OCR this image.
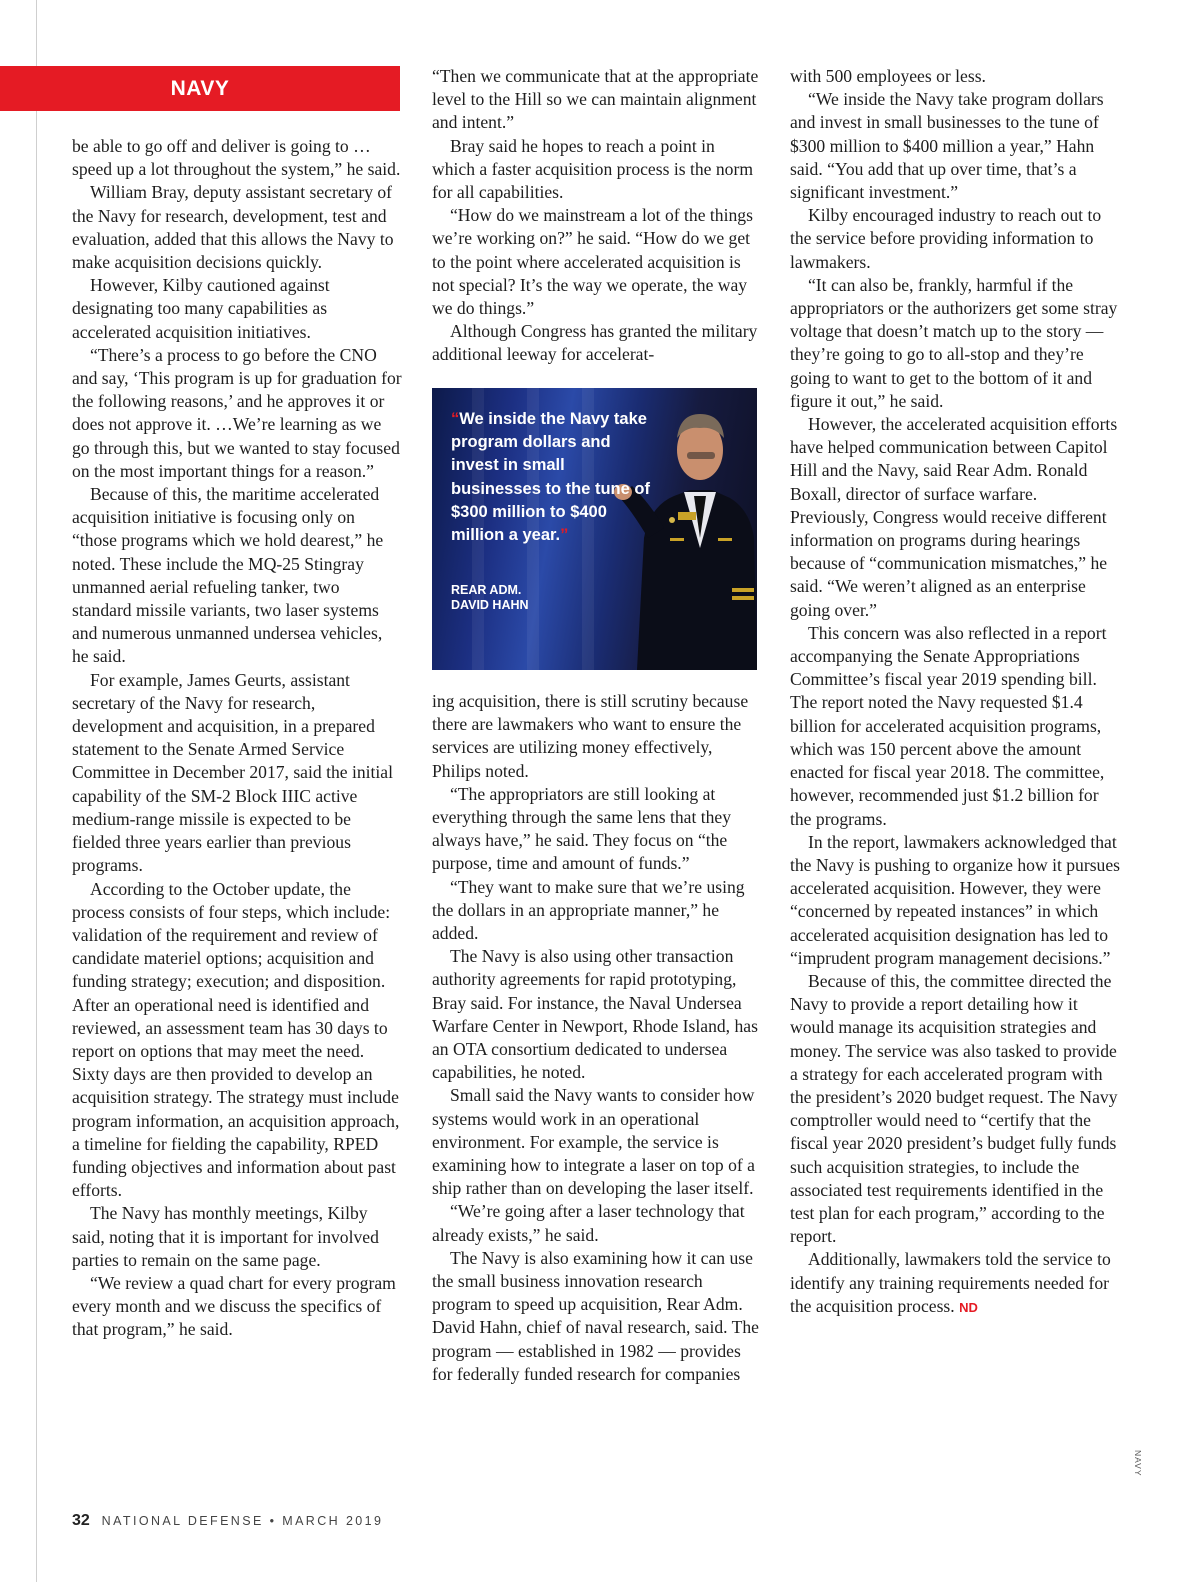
NAVY

be able to go off and deliver is going to … speed up a lot throughout the system,” he said.

William Bray, deputy assistant secretary of the Navy for research, development, test and evaluation, added that this allows the Navy to make acquisition decisions quickly.

However, Kilby cautioned against designating too many capabilities as accelerated acquisition initiatives.

“There’s a process to go before the CNO and say, ‘This program is up for graduation for the following reasons,’ and he approves it or does not approve it. …We’re learning as we go through this, but we wanted to stay focused on the most important things for a reason.”

Because of this, the maritime accelerated acquisition initiative is focusing only on “those programs which we hold dearest,” he noted. These include the MQ-25 Stingray unmanned aerial refueling tanker, two standard missile variants, two laser systems and numerous unmanned undersea vehicles, he said.

For example, James Geurts, assistant secretary of the Navy for research, development and acquisition, in a prepared statement to the Senate Armed Service Committee in December 2017, said the initial capability of the SM-2 Block IIIC active medium-range missile is expected to be fielded three years earlier than previous programs.

According to the October update, the process consists of four steps, which include: validation of the requirement and review of candidate materiel options; acquisition and funding strategy; execution; and disposition. After an operational need is identified and reviewed, an assessment team has 30 days to report on options that may meet the need. Sixty days are then provided to develop an acquisition strategy. The strategy must include program information, an acquisition approach, a timeline for fielding the capability, RPED funding objectives and information about past efforts.

The Navy has monthly meetings, Kilby said, noting that it is important for involved parties to remain on the same page.

“We review a quad chart for every program every month and we discuss the specifics of that program,” he said.

“Then we communicate that at the appropriate level to the Hill so we can maintain alignment and intent.”

Bray said he hopes to reach a point in which a faster acquisition process is the norm for all capabilities.

“How do we mainstream a lot of the things we’re working on?” he said. “How do we get to the point where accelerated acquisition is not special? It’s the way we operate, the way we do things.”

Although Congress has granted the military additional leeway for accelerat-

“We inside the Navy take program dollars and invest in small businesses to the tune of $300 million to $400 million a year.”
REAR ADM.
DAVID HAHN

ing acquisition, there is still scrutiny because there are lawmakers who want to ensure the services are utilizing money effectively, Philips noted.

“The appropriators are still looking at everything through the same lens that they always have,” he said. They focus on “the purpose, time and amount of funds.”

“They want to make sure that we’re using the dollars in an appropriate manner,” he added.

The Navy is also using other transaction authority agreements for rapid prototyping, Bray said. For instance, the Naval Undersea Warfare Center in Newport, Rhode Island, has an OTA consortium dedicated to undersea capabilities, he noted.

Small said the Navy wants to consider how systems would work in an operational environment. For example, the service is examining how to integrate a laser on top of a ship rather than on developing the laser itself.

“We’re going after a laser technology that already exists,” he said.

The Navy is also examining how it can use the small business innovation research program to speed up acquisition, Rear Adm. David Hahn, chief of naval research, said. The program — established in 1982 — provides for federally funded research for companies

with 500 employees or less.

“We inside the Navy take program dollars and invest in small businesses to the tune of $300 million to $400 million a year,” Hahn said. “You add that up over time, that’s a significant investment.”

Kilby encouraged industry to reach out to the service before providing information to lawmakers.

“It can also be, frankly, harmful if the appropriators or the authorizers get some stray voltage that doesn’t match up to the story — they’re going to go to all-stop and they’re going to want to get to the bottom of it and figure it out,” he said.

However, the accelerated acquisition efforts have helped communication between Capitol Hill and the Navy, said Rear Adm. Ronald Boxall, director of surface warfare. Previously, Congress would receive different information on programs during hearings because of “communication mismatches,” he said. “We weren’t aligned as an enterprise going over.”

This concern was also reflected in a report accompanying the Senate Appropriations Committee’s fiscal year 2019 spending bill. The report noted the Navy requested $1.4 billion for accelerated acquisition programs, which was 150 percent above the amount enacted for fiscal year 2018. The committee, however, recommended just $1.2 billion for the programs.

In the report, lawmakers acknowledged that the Navy is pushing to organize how it pursues accelerated acquisition. However, they were “concerned by repeated instances” in which accelerated acquisition designation has led to “imprudent program management decisions.”

Because of this, the committee directed the Navy to provide a report detailing how it would manage its acquisition strategies and money. The service was also tasked to provide a strategy for each accelerated program with the president’s 2020 budget request. The Navy comptroller would need to “certify that the fiscal year 2020 president’s budget fully funds such acquisition strategies, to include the associated test requirements identified in the test plan for each program,” according to the report.

Additionally, lawmakers told the service to identify any training requirements needed for the acquisition process. ND

32 NATIONAL DEFENSE • MARCH 2019
NAVY
